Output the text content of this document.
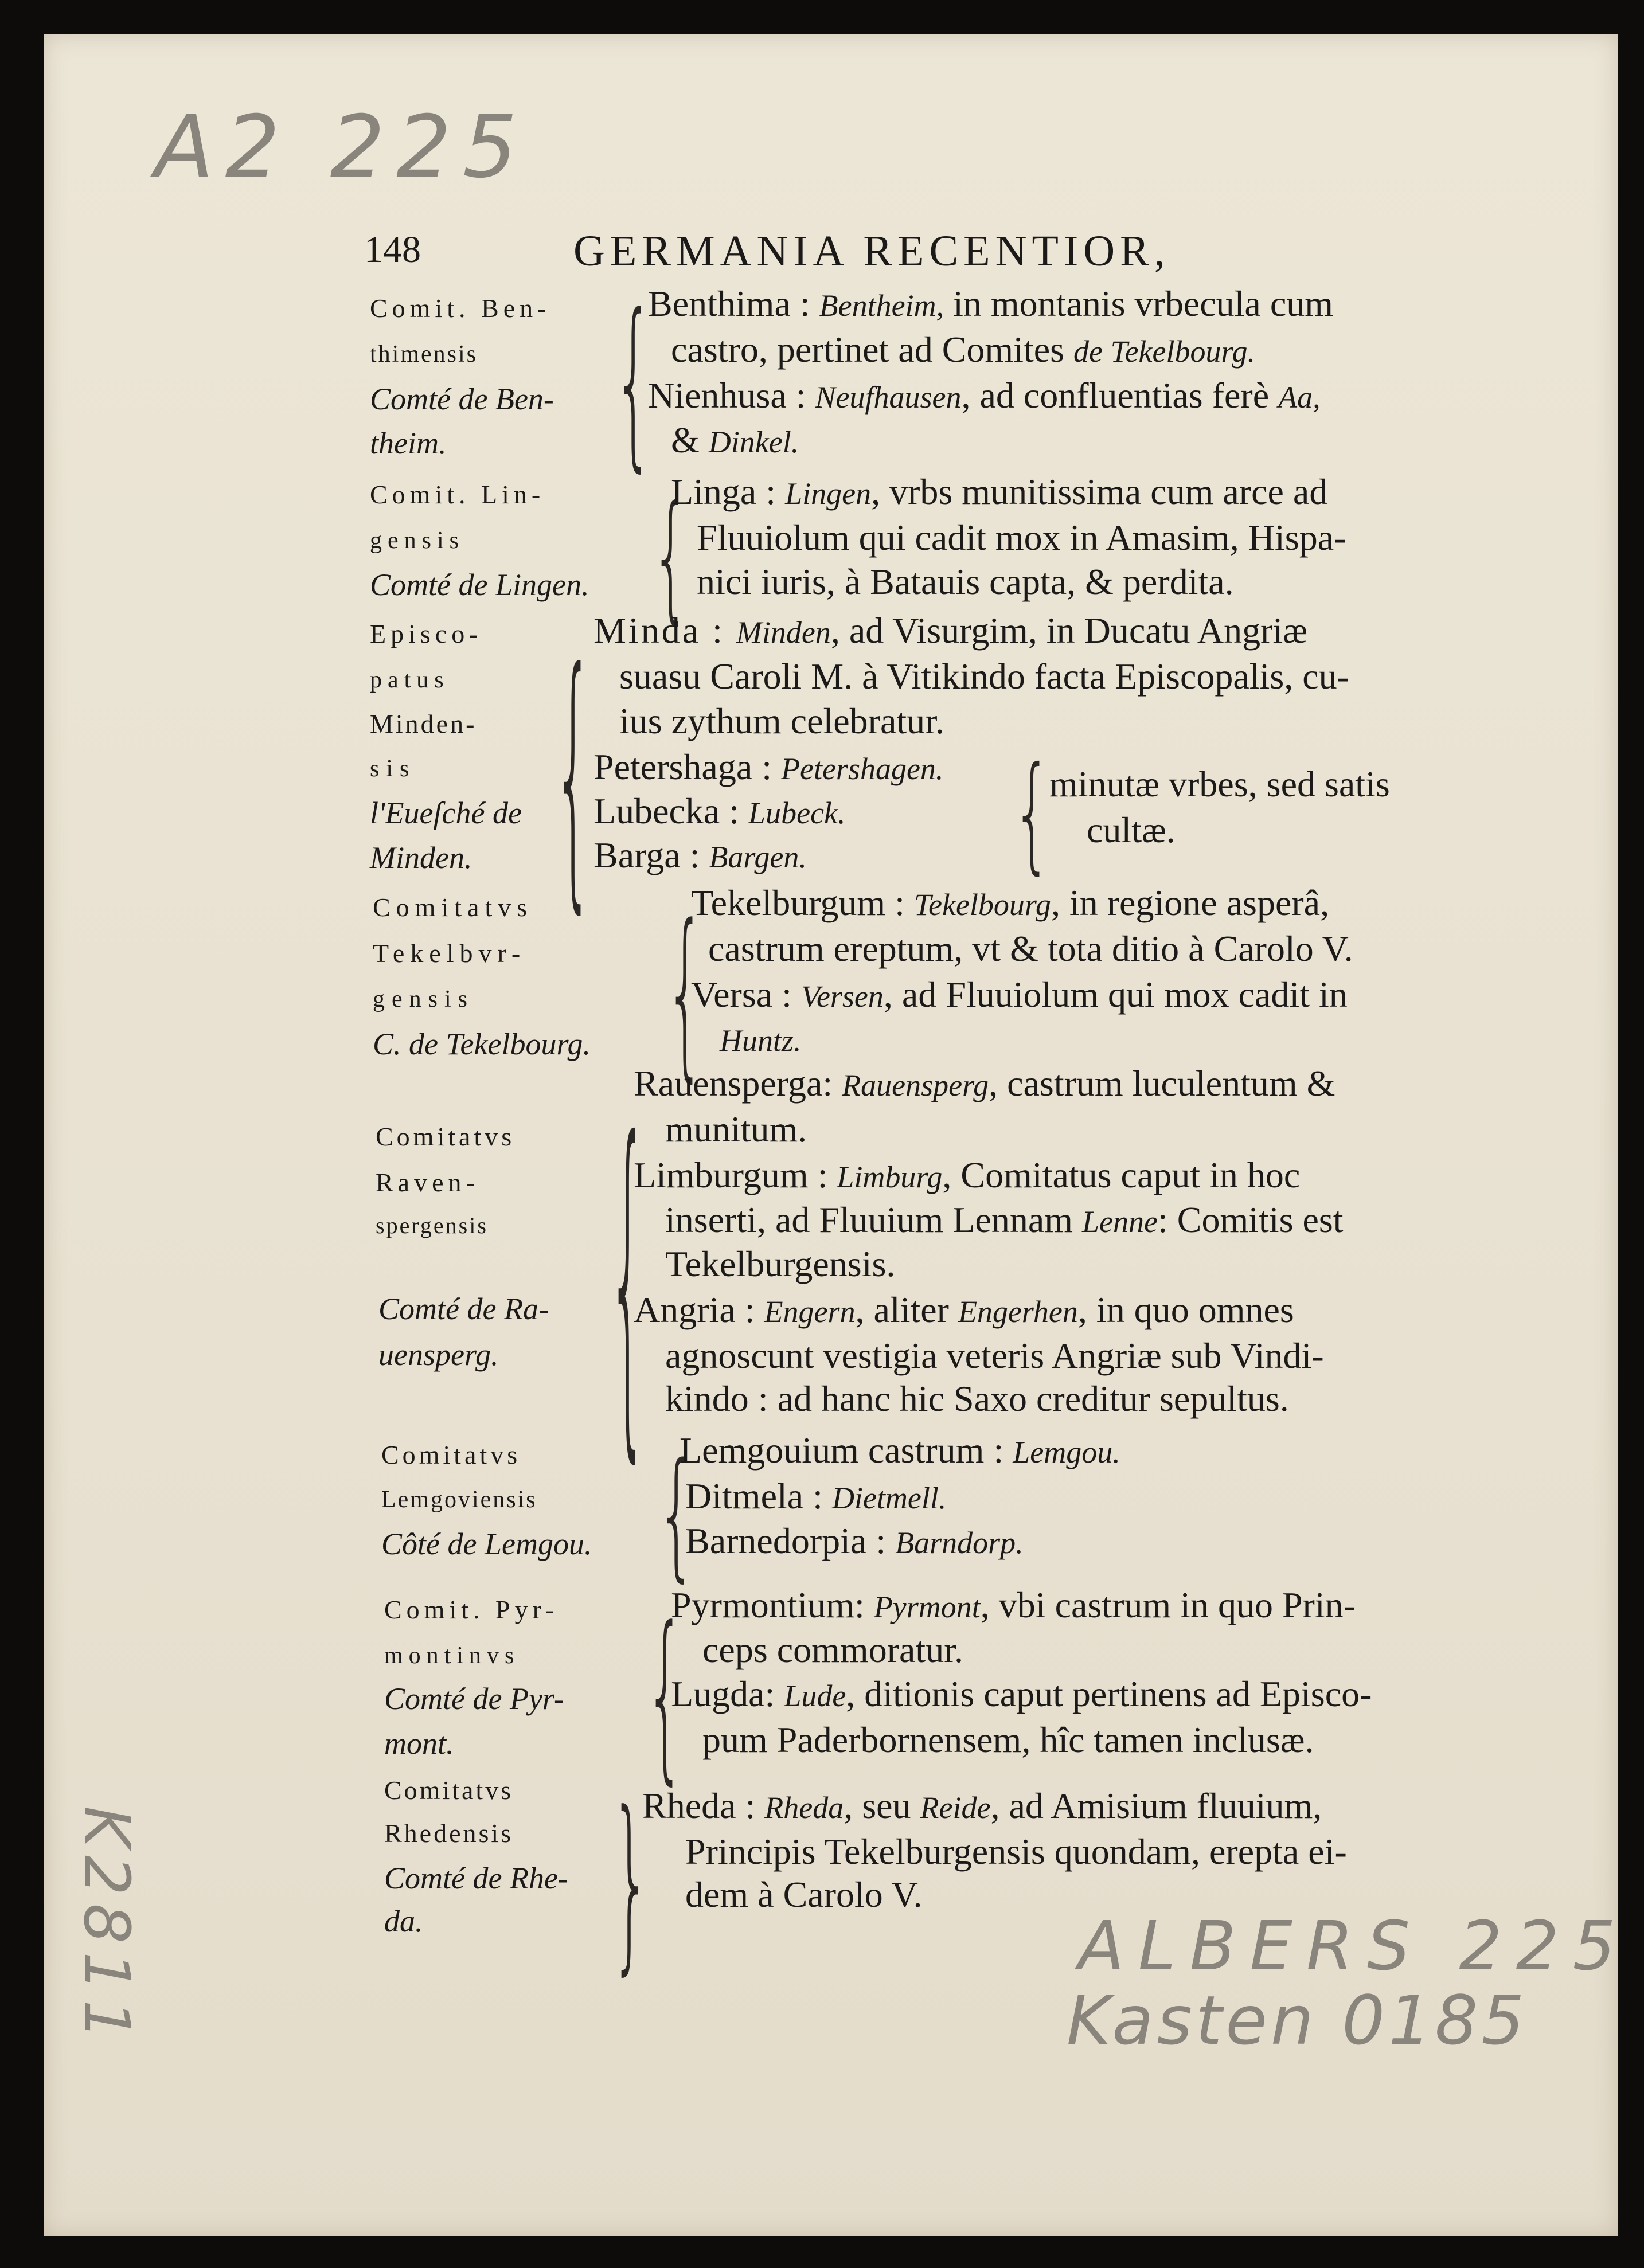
A2 225
K2811	ALBERS 225
Kasten 0185
148	GERMANIA RECENTIOR,
Comit. Ben-
thimensis
Comté de Ben-
theim.	{
Benthima : Bentheim, in montanis vrbecula cum
castro, pertinet ad Comites de Tekelbourg.
Nienhusa : Neufhausen, ad confluentias ferè Aa,
& Dinkel.
Comit. Lin-
gensis
Comté de Lingen. {
Linga : Lingen, vrbs munitissima cum arce ad
Fluuiolum qui cadit mox in Amasim, Hispa-
nici iuris, à Batauis capta, & perdita.
Episco-
patus
Minden-
sis
l'Eueſché de
Minden. { Minda : Minden, ad Visurgim, in Ducatu Angriæ
suasu Caroli M. à Vitikindo facta Episcopalis, cu-
ius zythum celebratur.
Petershaga : Petershagen.
Lubecka : Lubeck.
Barga : Bargen.	{
minutæ vrbes, sed satis
cultæ.
Comitatvs
Tekelbvr-
gensis
C. de Tekelbourg. {
Tekelburgum : Tekelbourg, in regione asperâ,
castrum ereptum, vt & tota ditio à Carolo V.
Versa : Versen, ad Fluuiolum qui mox cadit in
Huntz.
Comitatvs
Raven-
spergensis
Comté de Ra-
uensperg. {
Rauensperga: Rauensperg, castrum luculentum &
munitum.
Limburgum : Limburg, Comitatus caput in hoc
inserti, ad Fluuium Lennam Lenne: Comitis est
Tekelburgensis.
Angria : Engern, aliter Engerhen, in quo omnes
agnoscunt vestigia veteris Angriæ sub Vindi-
kindo : ad hanc hic Saxo creditur sepultus.
Comitatvs
Lemgoviensis
Côté de Lemgou. {
Lemgouium castrum : Lemgou.
Ditmela : Dietmell.
Barnedorpia : Barndorp.
Comit. Pyr-
montinvs
Comté de Pyr-
mont.	{
Pyrmontium: Pyrmont, vbi castrum in quo Prin-
ceps commoratur.
Lugda: Lude, ditionis caput pertinens ad Episco-
pum Paderbornensem, hîc tamen inclusæ.
Comitatvs
Rhedensis
Comté de Rhe-
da.	}
Rheda : Rheda, seu Reide, ad Amisium fluuium,
Principis Tekelburgensis quondam, erepta ei-
dem à Carolo V.
